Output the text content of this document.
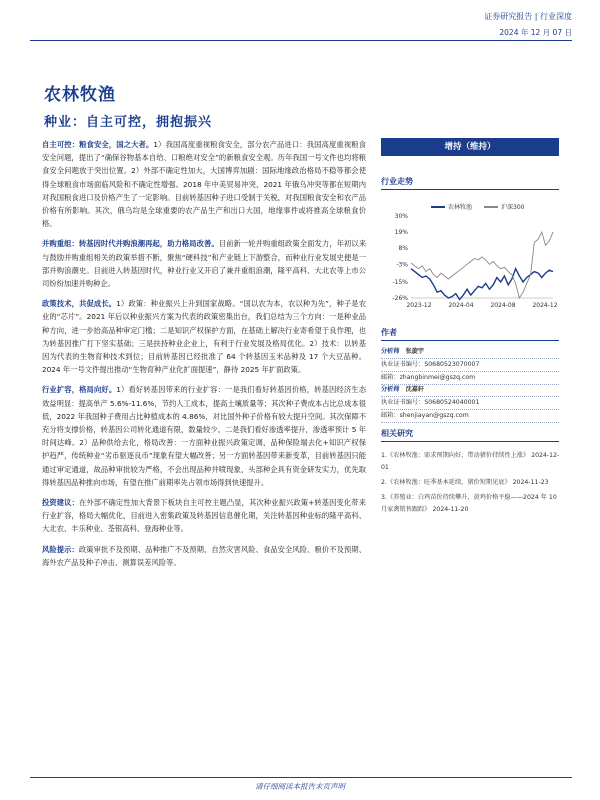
证券研究报告 | 行业深度
2024 年 12 月 07 日
农林牧渔
种业：自主可控，拥抱振兴

自主可控：粮食安全，国之大者。1）我国高度重视粮食安全，部分农产品进口：我国高度重视粮食安全问题，提出了“确保谷物基本自给、口粮绝对安全”的新粮食安全观。历年我国一号文件也均将粮食安全问题放于突出位置。2）外部不确定性加大，大国博弈加剧：国际地缘政治格局不稳等都会使得全球粮食市场面临风险和不确定性增强。2018 年中美贸易冲突、2021 年俄乌冲突等都在短期内对我国粮食进口及价格产生了一定影响。目前转基因种子进口受制于关税，对我国粮食安全和农产品价格有所影响。其次，俄乌均是全球重要的农产品生产和出口大国，地缘事件或将推高全球粮食价格。

并购重组：转基因时代并购浪潮再起，助力格局改善。目前新一轮并购重组政策全面发力，年初以来与鼓励并购重组相关的政策举措不断，聚焦“硬科技”和产业链上下游整合，而种业行业发展史便是一部并购浪潮史。目前进入转基因时代，种业行业又开启了兼并重组浪潮，隆平高科、大北农等上市公司纷纷加速并购种企。

政策技术，共促成长。1）政策：种业振兴上升到国家战略。“国以农为本，农以种为先”，种子是农业的“芯片”。2021 年后以种业振兴方案为代表的政策密集出台，我们总结为三个方向：一是种业品种方向，进一步抬高品种审定门槛；二是知识产权保护方面，在基础上解决行业寄希望于良作理，也为转基因推广打下坚实基础；三是扶持种业企业上，有利于行业发展及格局优化。2）技术：以转基因为代表的生物育种技术到位；目前转基因已经批准了 64 个转基因玉米品种及 17 个大豆品种。2024 年一号文件提出推动“生物育种产业化扩面提速”，静待 2025 年扩面政策。

行业扩容，格局向好。1）看好转基因带来的行业扩容：一是我们看好转基因价格，转基因经济生态效益明显：提高单产 5.6%-11.6%，节约人工成本，提高土壤质量等；其次种子费成本占比总成本很低，2022 年我国种子费用占比种植成本的 4.86%，对比国外种子价格有较大提升空间。其次保障不充分将支撑价格，转基因公司转化通道有限，数量较少。二是我们看好渗透率提升，渗透率预计 5 年时间达峰。2）品种供给去化，格局改善：一方面种业振兴政策定调，品种保险端去化+知识产权保护趋严，传统种业“劣币驱逐良币”现象有望大幅改善；另一方面转基因带来新变革，目前转基因只能通过审定通道，故品种审批较为严格，不会出现品种井喷现象，头部种企具有资金研发实力，优先取得转基因品种推向市场，有望在推广前期率先占领市场得到快速提升。

投资建议：在外部不确定性加大背景下板块自主可控主题凸显，其次种业振兴政策+转基因变化带来行业扩容，格局大幅优化，目前进入密集政策及转基因信息催化期，关注转基因种业标的隆平高科、大北农、丰乐种业、荃银高科、登海种业等。

风险提示：政策审批不及预期、品种推广不及预期、自然灾害风险、食品安全风险、粮价不及预期、海外农产品及种子冲击、测算误差风险等。

增持（维持）
行业走势
农林牧渔	沪深300
30%
19%
8%
-3%
-15%
-26%
2023-12	2024-04	2024-08	2024-12
作者
分析师 张旋宇
执业证书编号：S0680523070007
邮箱：zhangbinmei@gszq.com
分析师 沈嘉轩
执业证书编号：S0680524040001
邮箱：shenjiayan@gszq.com
相关研究
1.《农林牧渔：需求预期向好，带动猪价持续性上涨》 2024-12-01
2.《农林牧渔：旺季基本延续，猪价短期见底》 2024-11-23
3.《养殖业：白鸡苗价持续攀升，黄鸡价格平稳——2024 年 10 月家禽销售跟踪》 2024-11-20
请仔细阅读本报告末页声明
